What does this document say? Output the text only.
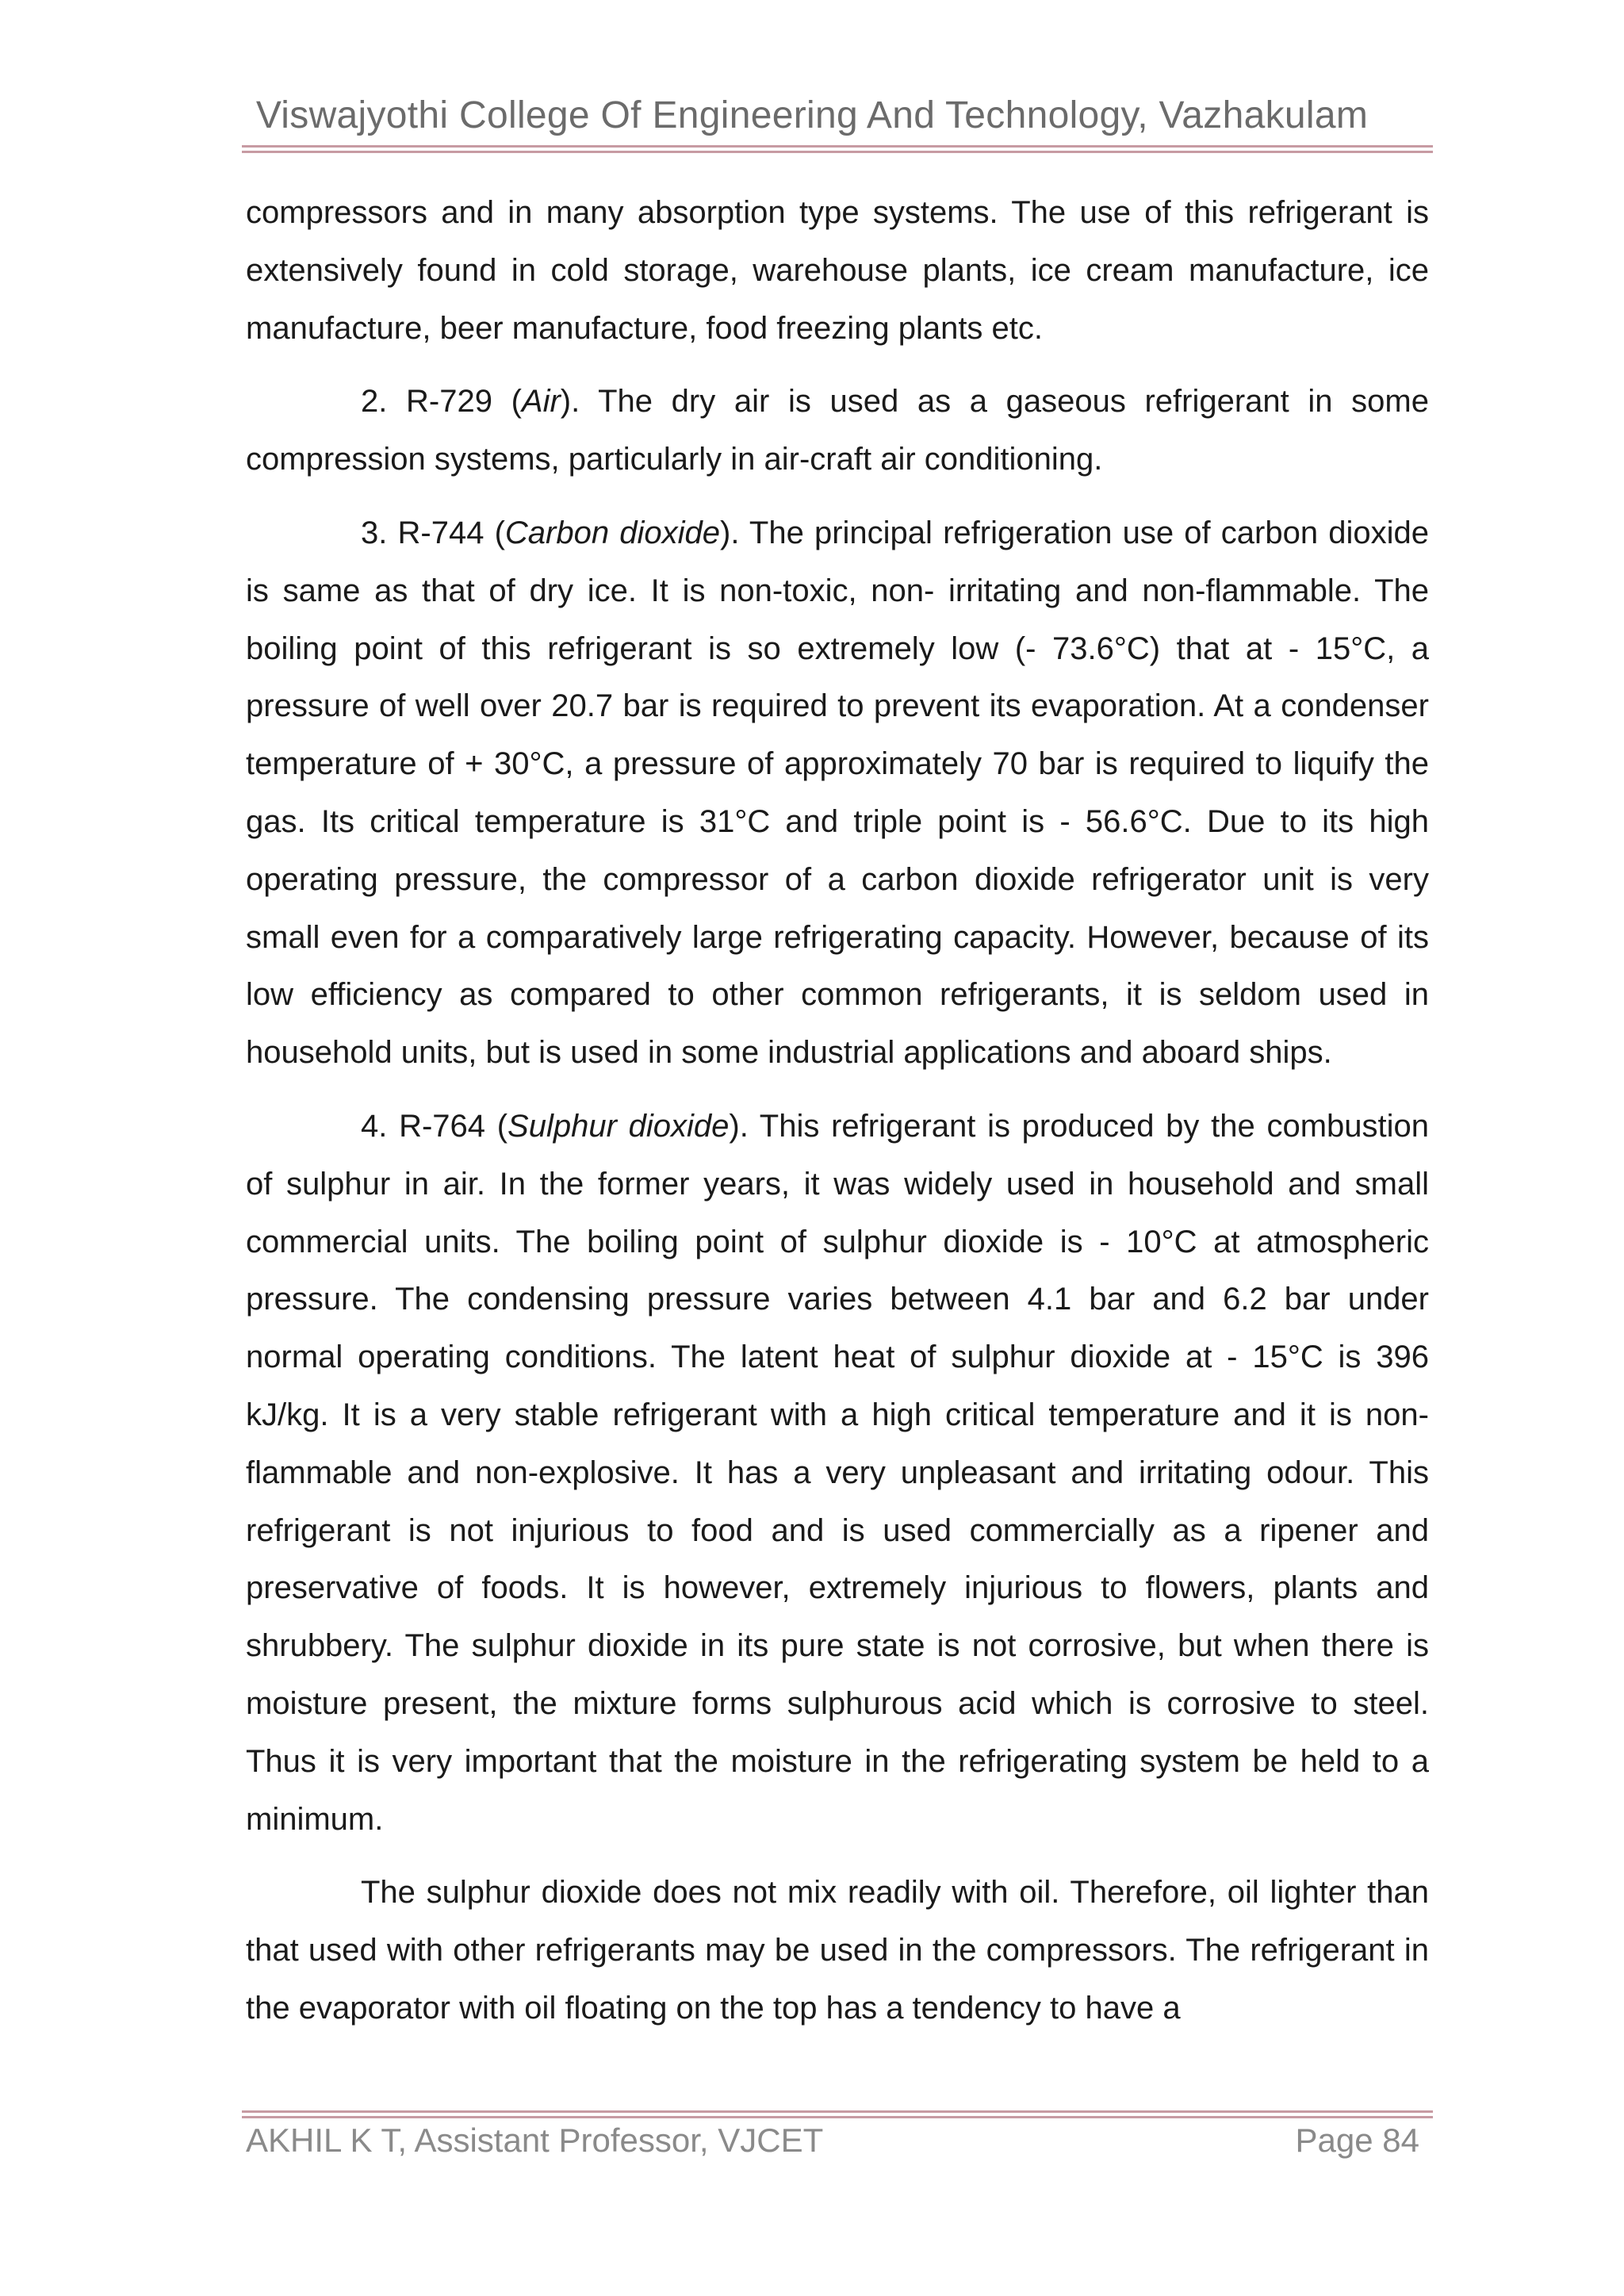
Viswajyothi College Of Engineering And Technology, Vazhakulam

compressors and in many absorption type systems. The use of this refrigerant is extensively found in cold storage, warehouse plants, ice cream manufacture, ice manufacture, beer manufacture, food freezing plants etc.

2. R-729 (Air). The dry air is used as a gaseous refrigerant in some compression systems, particularly in air-craft air conditioning.

3. R-744 (Carbon dioxide). The principal refrigeration use of carbon dioxide is same as that of dry ice. It is non-toxic, non- irritating and non-flammable. The boiling point of this refrigerant is so extremely low (- 73.6°C) that at - 15°C, a pressure of well over 20.7 bar is required to prevent its evaporation. At a condenser temperature of + 30°C, a pressure of approximately 70 bar is required to liquify the gas. Its critical temperature is 31°C and triple point is - 56.6°C. Due to its high operating pressure, the compressor of a carbon dioxide refrigerator unit is very small even for a comparatively large refrigerating capacity. However, because of its low efficiency as compared to other common refrigerants, it is seldom used in household units, but is used in some industrial applications and aboard ships.

4. R-764 (Sulphur dioxide). This refrigerant is produced by the combustion of sulphur in air. In the former years, it was widely used in household and small commercial units. The boiling point of sulphur dioxide is - 10°C at atmospheric pressure. The condensing pressure varies between 4.1 bar and 6.2 bar under normal operating conditions. The latent heat of sulphur dioxide at - 15°C is 396 kJ/kg. It is a very stable refrigerant with a high critical temperature and it is non-flammable and non-explosive. It has a very unpleasant and irritating odour. This refrigerant is not injurious to food and is used commercially as a ripener and preservative of foods. It is however, extremely injurious to flowers, plants and shrubbery. The sulphur dioxide in its pure state is not corrosive, but when there is moisture present, the mixture forms sulphurous acid which is corrosive to steel. Thus it is very important that the moisture in the refrigerating system be held to a minimum.

The sulphur dioxide does not mix readily with oil. Therefore, oil lighter than that used with other refrigerants may be used in the compressors. The refrigerant in the evaporator with oil floating on the top has a tendency to have a

AKHIL K T, Assistant Professor, VJCET	Page 84
